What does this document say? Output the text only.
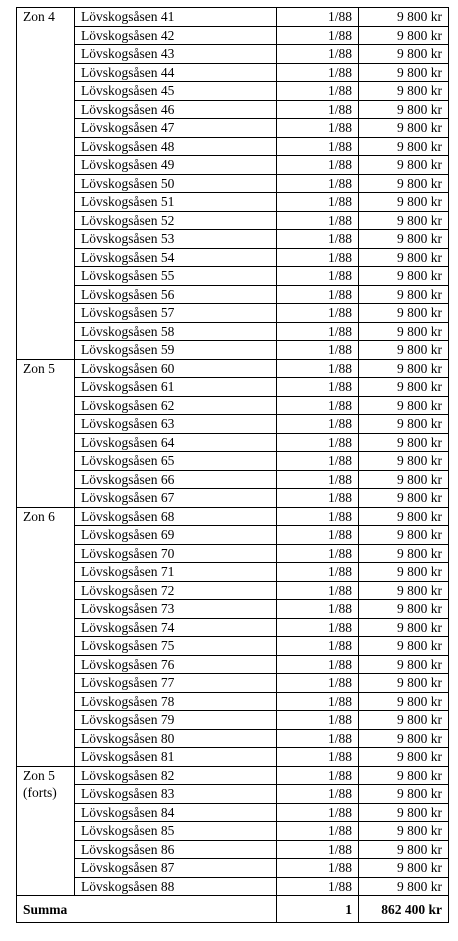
Zon 4	Lövskogsåsen 41	1/88	9 800 kr
	Lövskogsåsen 42	1/88	9 800 kr
	Lövskogsåsen 43	1/88	9 800 kr
	Lövskogsåsen 44	1/88	9 800 kr
	Lövskogsåsen 45	1/88	9 800 kr
	Lövskogsåsen 46	1/88	9 800 kr
	Lövskogsåsen 47	1/88	9 800 kr
	Lövskogsåsen 48	1/88	9 800 kr
	Lövskogsåsen 49	1/88	9 800 kr
	Lövskogsåsen 50	1/88	9 800 kr
	Lövskogsåsen 51	1/88	9 800 kr
	Lövskogsåsen 52	1/88	9 800 kr
	Lövskogsåsen 53	1/88	9 800 kr
	Lövskogsåsen 54	1/88	9 800 kr
	Lövskogsåsen 55	1/88	9 800 kr
	Lövskogsåsen 56	1/88	9 800 kr
	Lövskogsåsen 57	1/88	9 800 kr
	Lövskogsåsen 58	1/88	9 800 kr
	Lövskogsåsen 59	1/88	9 800 kr

Zon 5	Lövskogsåsen 60	1/88	9 800 kr
	Lövskogsåsen 61	1/88	9 800 kr
	Lövskogsåsen 62	1/88	9 800 kr
	Lövskogsåsen 63	1/88	9 800 kr
	Lövskogsåsen 64	1/88	9 800 kr
	Lövskogsåsen 65	1/88	9 800 kr
	Lövskogsåsen 66	1/88	9 800 kr
	Lövskogsåsen 67	1/88	9 800 kr

Zon 6	Lövskogsåsen 68	1/88	9 800 kr
	Lövskogsåsen 69	1/88	9 800 kr
	Lövskogsåsen 70	1/88	9 800 kr
	Lövskogsåsen 71	1/88	9 800 kr
	Lövskogsåsen 72	1/88	9 800 kr
	Lövskogsåsen 73	1/88	9 800 kr
	Lövskogsåsen 74	1/88	9 800 kr
	Lövskogsåsen 75	1/88	9 800 kr
	Lövskogsåsen 76	1/88	9 800 kr
	Lövskogsåsen 77	1/88	9 800 kr
	Lövskogsåsen 78	1/88	9 800 kr
	Lövskogsåsen 79	1/88	9 800 kr
	Lövskogsåsen 80	1/88	9 800 kr
	Lövskogsåsen 81	1/88	9 800 kr

Zon 5
(forts)	Lövskogsåsen 82	1/88	9 800 kr
	Lövskogsåsen 83	1/88	9 800 kr
	Lövskogsåsen 84	1/88	9 800 kr
	Lövskogsåsen 85	1/88	9 800 kr
	Lövskogsåsen 86	1/88	9 800 kr
	Lövskogsåsen 87	1/88	9 800 kr
	Lövskogsåsen 88	1/88	9 800 kr
Summa		1	862 400 kr
